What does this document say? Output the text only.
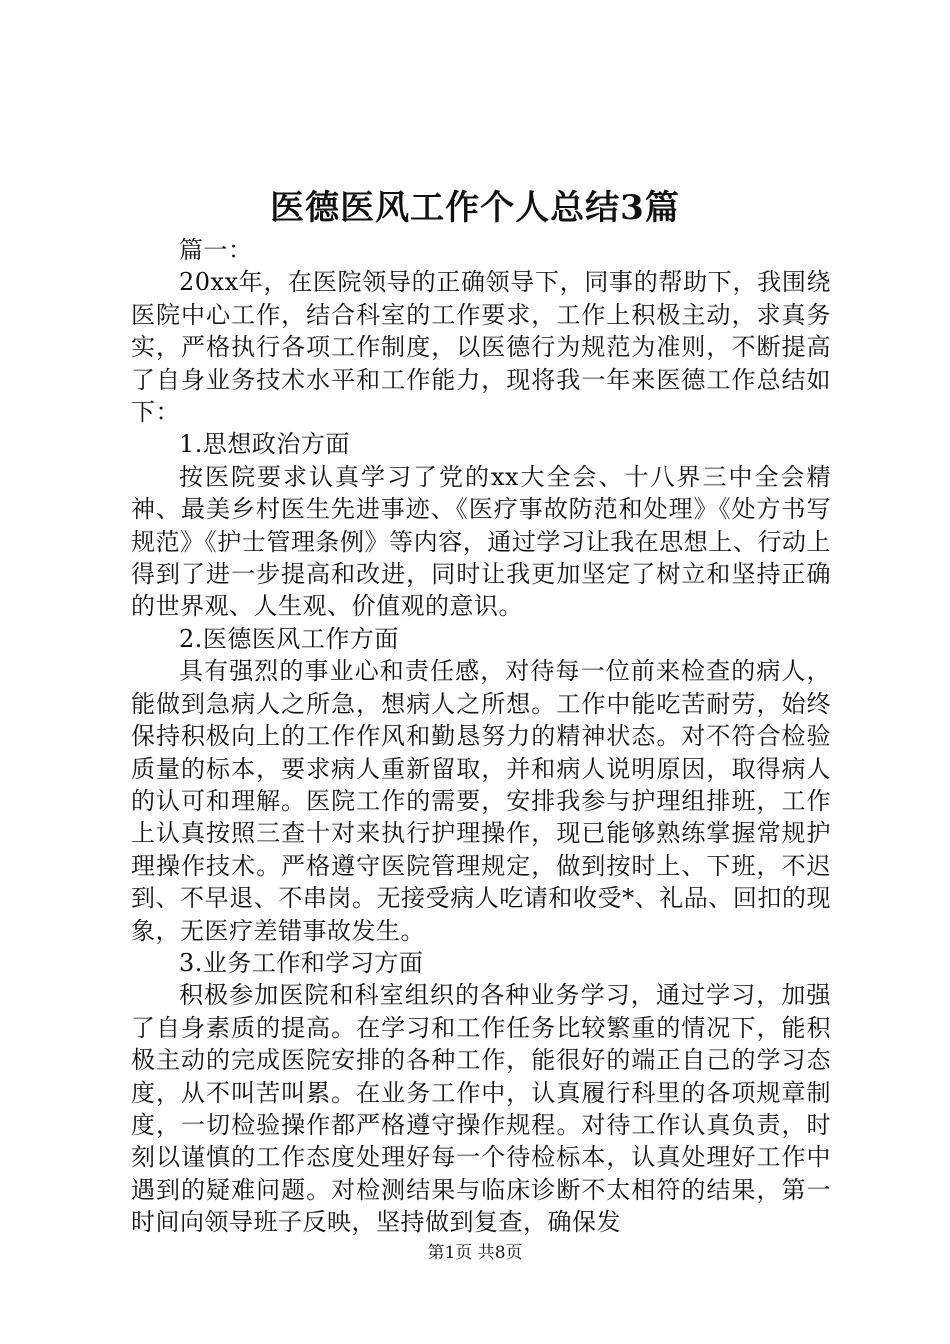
医德医风工作个人总结3篇

篇一：

20xx年，在医院领导的正确领导下，同事的帮助下，我围绕医院中心工作，结合科室的工作要求，工作上积极主动，求真务实，严格执行各项工作制度，以医德行为规范为准则，不断提高了自身业务技术水平和工作能力，现将我一年来医德工作总结如下：

1.思想政治方面

按医院要求认真学习了党的xx大全会、十八界三中全会精神、最美乡村医生先进事迹、《医疗事故防范和处理》《处方书写规范》《护士管理条例》等内容，通过学习让我在思想上、行动上得到了进一步提高和改进，同时让我更加坚定了树立和坚持正确的世界观、人生观、价值观的意识。

2.医德医风工作方面

具有强烈的事业心和责任感，对待每一位前来检查的病人，能做到急病人之所急，想病人之所想。工作中能吃苦耐劳，始终保持积极向上的工作作风和勤恳努力的精神状态。对不符合检验质量的标本，要求病人重新留取，并和病人说明原因，取得病人的认可和理解。医院工作的需要，安排我参与护理组排班，工作上认真按照三查十对来执行护理操作，现已能够熟练掌握常规护理操作技术。严格遵守医院管理规定，做到按时上、下班，不迟到、不早退、不串岗。无接受病人吃请和收受*、礼品、回扣的现象，无医疗差错事故发生。

3.业务工作和学习方面

积极参加医院和科室组织的各种业务学习，通过学习，加强了自身素质的提高。在学习和工作任务比较繁重的情况下，能积极主动的完成医院安排的各种工作，能很好的端正自己的学习态度，从不叫苦叫累。在业务工作中，认真履行科里的各项规章制度，一切检验操作都严格遵守操作规程。对待工作认真负责，时刻以谨慎的工作态度处理好每一个待检标本，认真处理好工作中遇到的疑难问题。对检测结果与临床诊断不太相符的结果，第一时间向领导班子反映，坚持做到复查，确保发

第1页 共8页
